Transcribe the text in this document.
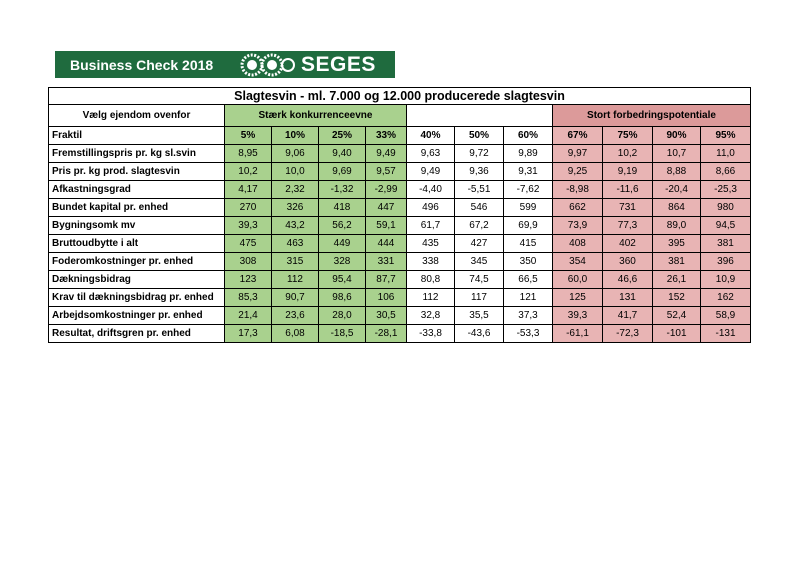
Business Check 2018	SEGES
Slagtesvin - ml. 7.000 og 12.000 producerede slagtesvin											
Vælg ejendom ovenfor	Stærk konkurrenceevne							Stort forbedringspotentiale			
Fraktil	5%	10%	25%	33%	40%	50%	60%	67%	75%	90%	95%
Fremstillingspris pr. kg sl.svin	8,95	9,06	9,40	9,49	9,63	9,72	9,89	9,97	10,2	10,7	11,0
Pris pr. kg prod. slagtesvin	10,2	10,0	9,69	9,57	9,49	9,36	9,31	9,25	9,19	8,88	8,66
Afkastningsgrad	4,17	2,32	-1,32	-2,99	-4,40	-5,51	-7,62	-8,98	-11,6	-20,4	-25,3
Bundet kapital pr. enhed	270	326	418	447	496	546	599	662	731	864	980
Bygningsomk mv	39,3	43,2	56,2	59,1	61,7	67,2	69,9	73,9	77,3	89,0	94,5
Bruttoudbytte i alt	475	463	449	444	435	427	415	408	402	395	381
Foderomkostninger pr. enhed	308	315	328	331	338	345	350	354	360	381	396
Dækningsbidrag	123	112	95,4	87,7	80,8	74,5	66,5	60,0	46,6	26,1	10,9
Krav til dækningsbidrag pr. enhed	85,3	90,7	98,6	106	112	117	121	125	131	152	162
Arbejdsomkostninger pr. enhed	21,4	23,6	28,0	30,5	32,8	35,5	37,3	39,3	41,7	52,4	58,9
Resultat, driftsgren pr. enhed	17,3	6,08	-18,5	-28,1	-33,8	-43,6	-53,3	-61,1	-72,3	-101	-131
